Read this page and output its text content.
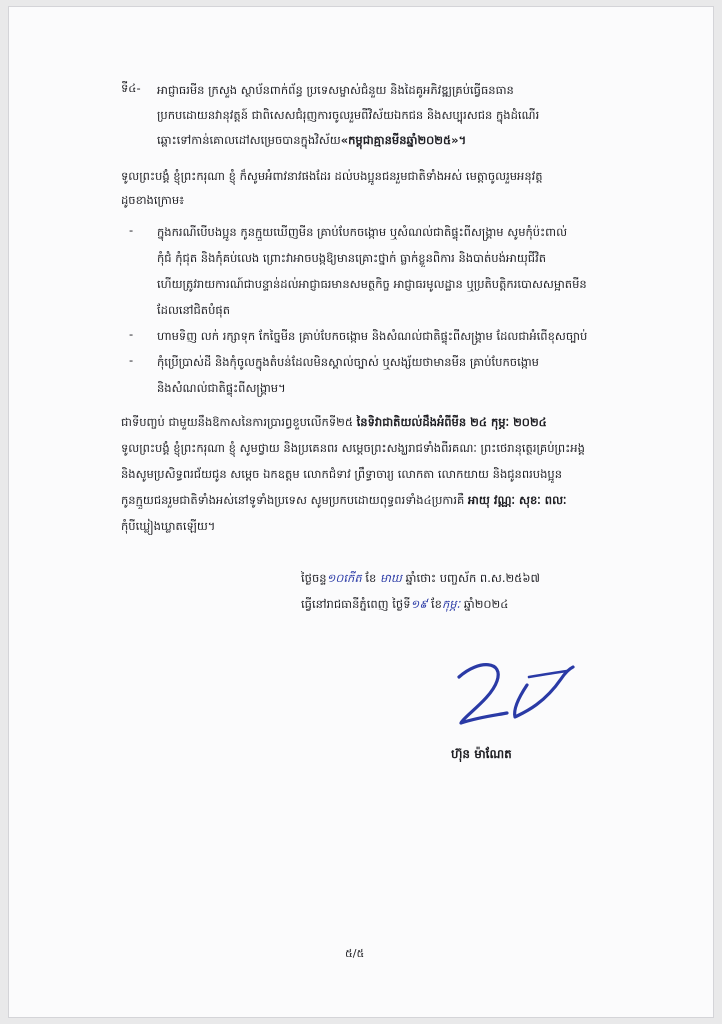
ទី៤- អាជ្ញាធរមីន ក្រសួង ស្ថាប័នពាក់ព័ន្ធ ប្រទេសម្ចាស់ជំនួយ និងដៃគូអភិវឌ្ឍគ្រប់ធ្វើធនធាន

ប្រកបដោយនវានុវត្តន៍ ជាពិសេសជំរុញការចូលរួមពីវិស័យឯកជន និងសប្បុរសជន ក្នុងដំណើរ

ឆ្ពោះទៅកាន់គោលដៅសម្រេចបានក្នុងវិស័យ«កម្ពុជាគ្មានមីនឆ្នាំ២០២៥»។

ទូលព្រះបង្គំ ខ្ញុំព្រះករុណា ខ្ញុំ ក៏សូមអំពាវនាវផងដែរ ដល់បងប្អូនជនរួមជាតិទាំងអស់ មេត្តាចូលរួមអនុវត្ត

ដូចខាងក្រោម៖

- ក្នុងករណីបើបងប្អូន កូនក្មួយឃើញមីន គ្រាប់បែកចង្កោម ឬសំណល់ជាតិផ្ទុះពីសង្គ្រាម សូមកុំប៉ះពាល់

កុំជំ កុំជុត និងកុំគប់លេង ព្រោះវាអាចបង្កឱ្យមានគ្រោះថ្នាក់ ធ្លាក់ខ្លួនពិការ និងបាត់បង់អាយុជីវិត

ហើយត្រូវរាយការណ៍ជាបន្ទាន់ដល់អាជ្ញាធរមានសមត្ថកិច្ច អាជ្ញាធរមូលដ្ឋាន ឬប្រតិបត្តិករបោសសម្អាតមីន

ដែលនៅជិតបំផុត

- ហាមទិញ លក់ រក្សាទុក កែច្នៃមីន គ្រាប់បែកចង្កោម និងសំណល់ជាតិផ្ទុះពីសង្គ្រាម ដែលជាអំពើខុសច្បាប់

- កុំប្រើប្រាស់ដី និងកុំចូលក្នុងតំបន់ដែលមិនស្គាល់ច្បាស់ ឬសង្ស័យថាមានមីន គ្រាប់បែកចង្កោម

និងសំណល់ជាតិផ្ទុះពីសង្គ្រាម។

ជាទីបញ្ចប់ ជាមួយនឹងឱកាសនៃការប្រារព្ធខួបលើកទី២៥ នៃទិវាជាតិយល់ដឹងអំពីមីន ២៤ កុម្ភៈ ២០២៤

ទូលព្រះបង្គំ ខ្ញុំព្រះករុណា ខ្ញុំ សូមថ្វាយ និងប្រគេនពរ សម្តេចព្រះសង្ឃរាជទាំងពីរគណៈ ព្រះថេរានុត្ថេរគ្រប់ព្រះអង្គ

និងសូមប្រសិទ្ធពរជ័យជូន សម្តេច ឯកឧត្តម លោកជំទាវ ព្រឹទ្ធាចារ្យ លោកតា លោកយាយ និងជូនពរបងប្អូន

កូនក្មួយជនរួមជាតិទាំងអស់នៅទូទាំងប្រទេស សូមប្រកបដោយពុទ្ធពរទាំង៤ប្រការគឺ អាយុ វណ្ណៈ សុខៈ ពលៈ

កុំបីឃ្លៀងឃ្លាតឡើយ។

ថ្ងៃចន្ទ១០កើត ខែ មាឃ ឆ្នាំថោះ បញ្ចស័ក ព.ស.២៥៦៧

ធ្វើនៅរាជធានីភ្នំពេញ ថ្ងៃទី១៩ ខែកុម្ភៈ ឆ្នាំ២០២៤

ហ៊ុន ម៉ាណែត

៥/៥
